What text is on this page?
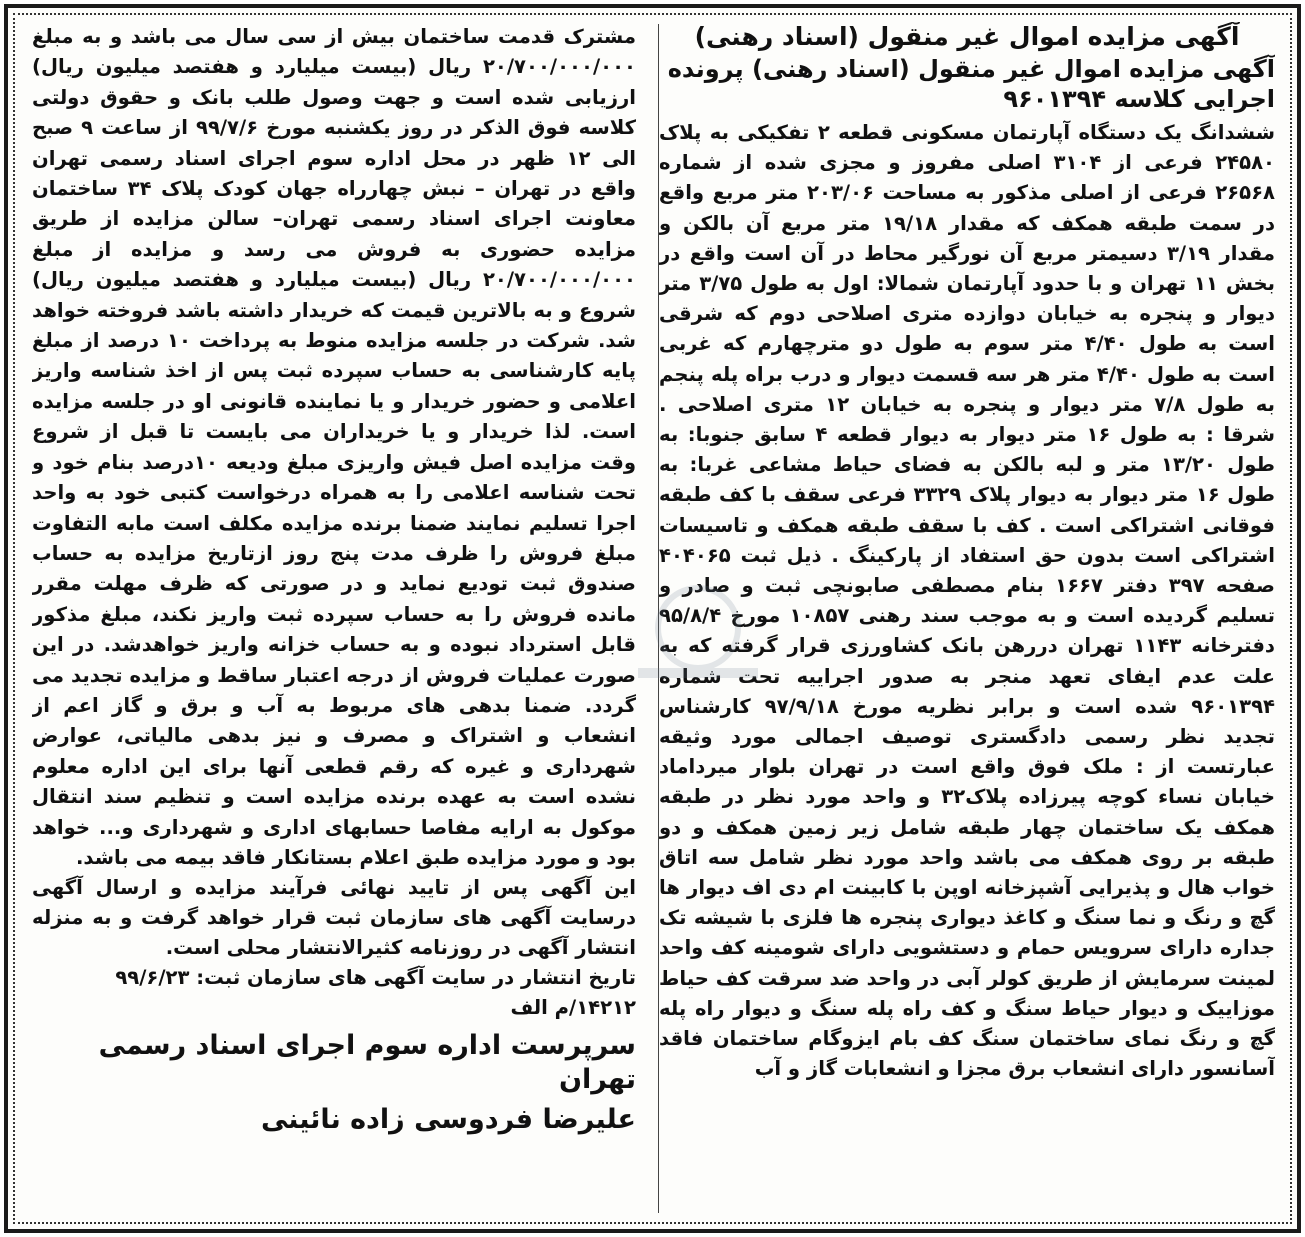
آگهی مزایده اموال غیر منقول (اسناد رهنی)
آگهی مزایده اموال غیر منقول (اسناد رهنی) پرونده اجرایی کلاسه ۹۶۰۱۳۹۴

ششدانگ یک دستگاه آپارتمان مسکونی قطعه ۲ تفکیکی به پلاک ۲۴۵۸۰ فرعی از ۳۱۰۴ اصلی مفروز و مجزی شده از شماره ۲۶۵۶۸ فرعی از اصلی مذکور به مساحت ۲۰۳/۰۶ متر مربع واقع در سمت طبقه همکف که مقدار ۱۹/۱۸ متر مربع آن بالکن و مقدار ۳/۱۹ دسیمتر مربع آن نورگیر محاط در آن است واقع در بخش ۱۱ تهران و با حدود آپارتمان شمالا: اول به طول ۳/۷۵ متر دیوار و پنجره به خیابان دوازده متری اصلاحی دوم که شرقی است به طول ۴/۴۰ متر سوم به طول دو مترچهارم که غربی است به طول ۴/۴۰ متر هر سه قسمت دیوار و درب براه پله پنجم به طول ۷/۸ متر دیوار و پنجره به خیابان ۱۲ متری اصلاحی . شرقا : به طول ۱۶ متر دیوار به دیوار قطعه ۴ سابق جنوبا: به طول ۱۳/۲۰ متر و لبه بالکن به فضای حیاط مشاعی غربا: به طول ۱۶ متر دیوار به دیوار پلاک ۳۳۲۹ فرعی سقف با کف طبقه فوقانی اشتراکی است . کف با سقف طبقه همکف و تاسیسات اشتراکی است بدون حق استفاد از پارکینگ . ذیل ثبت ۴۰۴۰۶۵ صفحه ۳۹۷ دفتر ۱۶۶۷ بنام مصطفی صابونچی ثبت و صادر و تسلیم گردیده است و به موجب سند رهنی ۱۰۸۵۷ مورخ ۹۵/۸/۴ دفترخانه ۱۱۴۳ تهران دررهن بانک کشاورزی قرار گرفته که به علت عدم ایفای تعهد منجر به صدور اجراییه تحت شماره ۹۶۰۱۳۹۴ شده است و برابر نظریه مورخ ۹۷/۹/۱۸ کارشناس تجدید نظر رسمی دادگستری توصیف اجمالی مورد وثیقه عبارتست از : ملک فوق واقع است در تهران بلوار میرداماد خیابان نساء کوچه پیرزاده پلاک۳۲ و واحد مورد نظر در طبقه همکف یک ساختمان چهار طبقه شامل زیر زمین همکف و دو طبقه بر روی همکف می باشد واحد مورد نظر شامل سه اتاق خواب هال و پذیرایی آشپزخانه اوپن با کابینت ام دی اف دیوار ها گچ و رنگ و نما سنگ و کاغذ دیواری پنجره ها فلزی با شیشه تک جداره دارای سرویس حمام و دستشویی دارای شومینه کف واحد لمینت سرمایش از طریق کولر آبی در واحد ضد سرقت کف حیاط موزاییک و دیوار حیاط سنگ و کف راه پله سنگ و دیوار راه پله گچ و رنگ نمای ساختمان سنگ کف بام ایزوگام ساختمان فاقد آسانسور دارای انشعاب برق مجزا و انشعابات گاز و آب

مشترک قدمت ساختمان بیش از سی سال می باشد و به مبلغ ۲۰/۷۰۰/۰۰۰/۰۰۰ ریال (بیست میلیارد و هفتصد میلیون ریال) ارزیابی شده است و جهت وصول طلب بانک و حقوق دولتی کلاسه فوق الذکر در روز یکشنبه مورخ ۹۹/۷/۶ از ساعت ۹ صبح الی ۱۲ ظهر در محل اداره سوم اجرای اسناد رسمی تهران واقع در تهران – نبش چهارراه جهان کودک پلاک ۳۴ ساختمان معاونت اجرای اسناد رسمی تهران– سالن مزایده از طریق مزایده حضوری به فروش می رسد و مزایده از مبلغ ۲۰/۷۰۰/۰۰۰/۰۰۰ ریال (بیست میلیارد و هفتصد میلیون ریال) شروع و به بالاترین قیمت که خریدار داشته باشد فروخته خواهد شد. شرکت در جلسه مزایده منوط به پرداخت ۱۰ درصد از مبلغ پایه کارشناسی به حساب سپرده ثبت پس از اخذ شناسه واریز اعلامی و حضور خریدار و یا نماینده قانونی او در جلسه مزایده است. لذا خریدار و یا خریداران می بایست تا قبل از شروع وقت مزایده اصل فیش واریزی مبلغ ودیعه ۱۰درصد بنام خود و تحت شناسه اعلامی را به همراه درخواست کتبی خود به واحد اجرا تسلیم نمایند ضمنا برنده مزایده مکلف است مابه التفاوت مبلغ فروش را ظرف مدت پنج روز ازتاریخ مزایده به حساب صندوق ثبت تودیع نماید و در صورتی که ظرف مهلت مقرر مانده فروش را به حساب سپرده ثبت واریز نکند، مبلغ مذکور قابل استرداد نبوده و به حساب خزانه واریز خواهدشد. در این صورت عملیات فروش از درجه اعتبار ساقط و مزایده تجدید می گردد. ضمنا بدهی های مربوط به آب و برق و گاز اعم از انشعاب و اشتراک و مصرف و نیز بدهی مالیاتی، عوارض شهرداری و غیره که رقم قطعی آنها برای این اداره معلوم نشده است به عهده برنده مزایده است و تنظیم سند انتقال موکول به ارایه مفاصا حسابهای اداری و شهرداری و... خواهد بود و مورد مزایده طبق اعلام بستانکار فاقد بیمه می باشد.

این آگهی پس از تایید نهائی فرآیند مزایده و ارسال آگهی درسایت آگهی های سازمان ثبت قرار خواهد گرفت و به منزله انتشار آگهی در روزنامه کثیرالانتشار محلی است.

تاریخ انتشار در سایت آگهی های سازمان ثبت: ۹۹/۶/۲۳

۱۴۲۱۲/م الف

سرپرست اداره سوم اجرای اسناد رسمی تهران
علیرضا فردوسی زاده نائینی
